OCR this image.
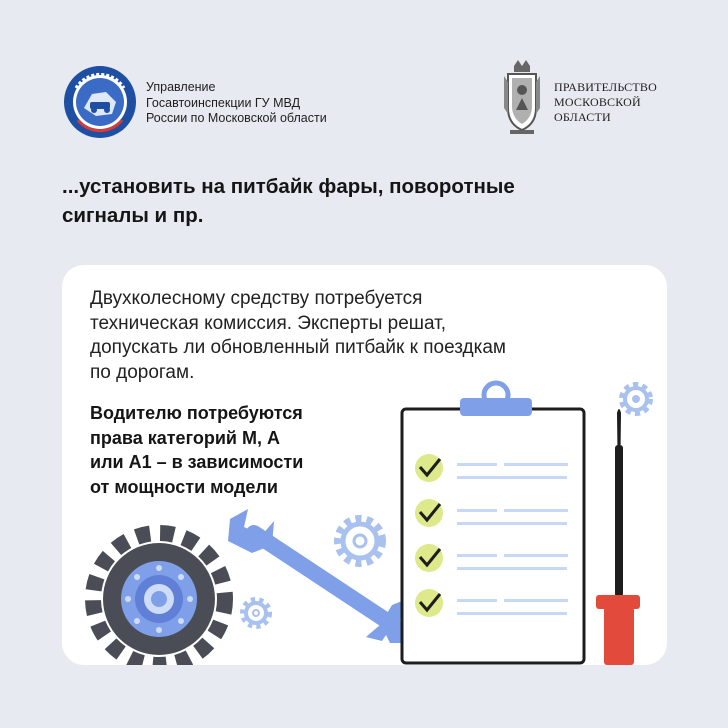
Управление
Госавтоинспекции ГУ МВД
России по Московской области
ПРАВИТЕЛЬСТВО
МОСКОВСКОЙ
ОБЛАСТИ
...установить на питбайк фары, поворотные
сигналы и пр.
Двухколесному средству потребуется
техническая комиссия. Эксперты решат,
допускать ли обновленный питбайк к поездкам
по дорогам.
Водителю потребуются
права категорий М, А
или А1 – в зависимости
от мощности модели
